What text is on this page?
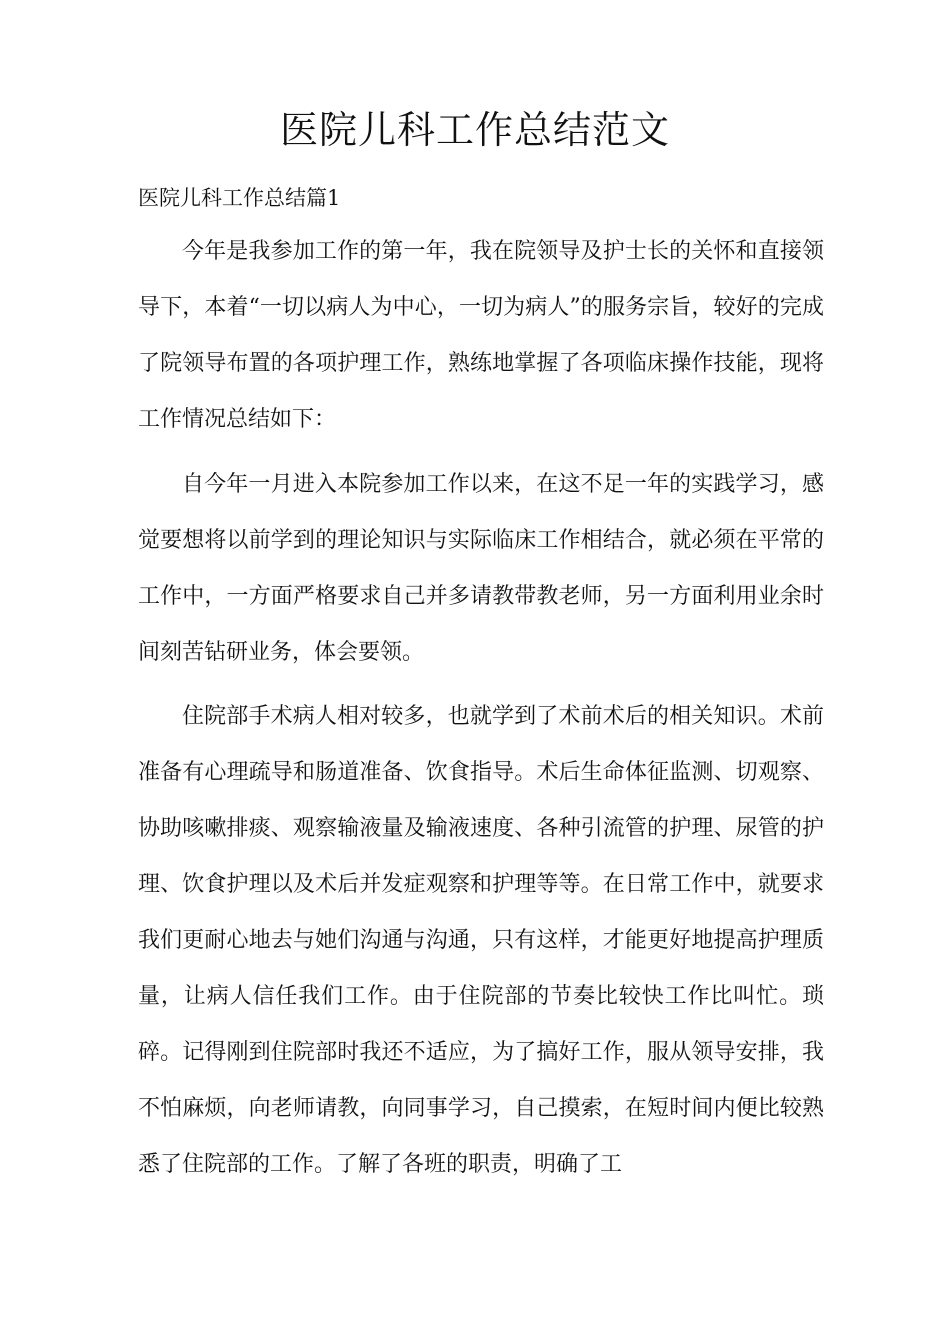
医院儿科工作总结范文
医院儿科工作总结篇1

今年是我参加工作的第一年，我在院领导及护士长的关怀和直接领导下，本着“一切以病人为中心，一切为病人”的服务宗旨，较好的完成了院领导布置的各项护理工作，熟练地掌握了各项临床操作技能，现将工作情况总结如下：

自今年一月进入本院参加工作以来，在这不足一年的实践学习，感觉要想将以前学到的理论知识与实际临床工作相结合，就必须在平常的工作中，一方面严格要求自己并多请教带教老师，另一方面利用业余时间刻苦钻研业务，体会要领。

住院部手术病人相对较多，也就学到了术前术后的相关知识。术前准备有心理疏导和肠道准备、饮食指导。术后生命体征监测、切观察、协助咳嗽排痰、观察输液量及输液速度、各种引流管的护理、尿管的护理、饮食护理以及术后并发症观察和护理等等。在日常工作中，就要求我们更耐心地去与她们沟通与沟通，只有这样，才能更好地提高护理质量，让病人信任我们工作。由于住院部的节奏比较快工作比叫忙。琐碎。记得刚到住院部时我还不适应，为了搞好工作，服从领导安排，我不怕麻烦，向老师请教，向同事学习，自己摸索，在短时间内便比较熟悉了住院部的工作。了解了各班的职责，明确了工
